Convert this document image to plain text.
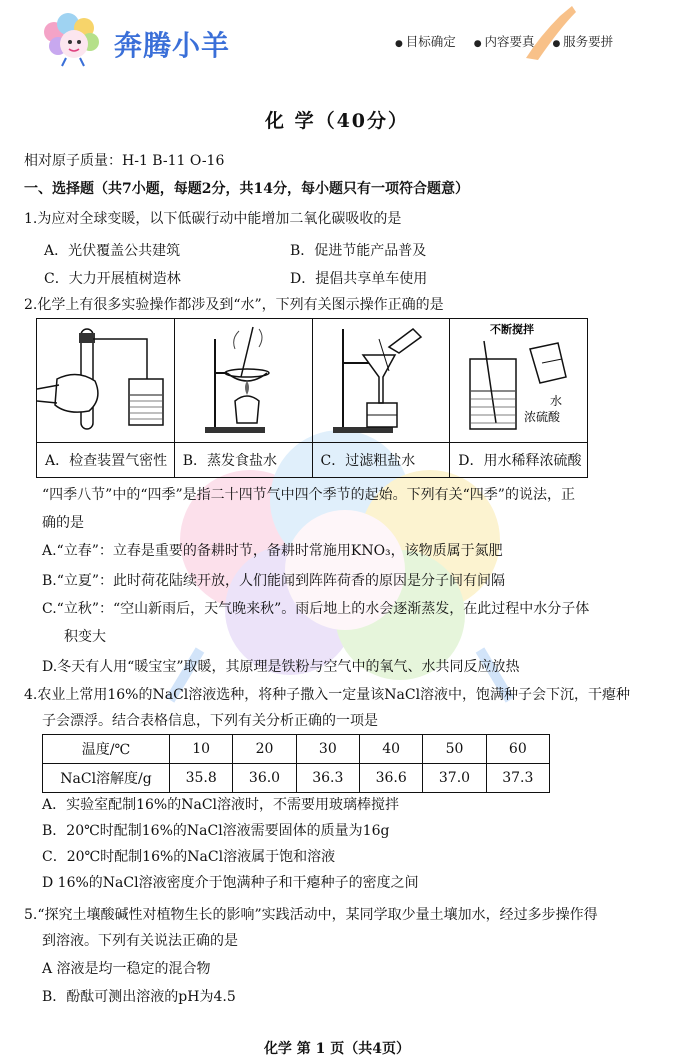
奔腾小羊	● 目标确定 ● 内容要真 ● 服务要拼
化 学（40分）
相对原子质量：H-1 B-11 O-16
一、选择题（共7小题，每题2分，共14分，每小题只有一项符合题意）
1.为应对全球变暖，以下低碳行动中能增加二氧化碳吸收的是
A．光伏覆盖公共建筑	B．促进节能产品普及
C．大力开展植树造林	D．提倡共享单车使用
2.化学上有很多实验操作都涉及到“水”，下列有关图示操作正确的是

不断搅拌
水
浓硫酸

A．检查装置气密性	B．蒸发食盐水	C．过滤粗盐水	D．用水稀释浓硫酸
“四季八节”中的“四季”是指二十四节气中四个季节的起始。下列有关“四季”的说法，正
确的是
A.“立春”：立春是重要的备耕时节，备耕时常施用KNO₃，该物质属于氮肥
B.“立夏”：此时荷花陆续开放，人们能闻到阵阵荷香的原因是分子间有间隔
C.“立秋”：“空山新雨后，天气晚来秋”。雨后地上的水会逐渐蒸发，在此过程中水分子体
积变大
D.冬天有人用“暖宝宝”取暖，其原理是铁粉与空气中的氧气、水共同反应放热
4.农业上常用16%的NaCl溶液选种，将种子撒入一定量该NaCl溶液中，饱满种子会下沉，干瘪种
子会漂浮。结合表格信息，下列有关分析正确的一项是
温度/℃	10	20	30	40	50	60
NaCl溶解度/g	35.8	36.0	36.3	36.6	37.0	37.3
A．实验室配制16%的NaCl溶液时，不需要用玻璃棒搅拌
B．20℃时配制16%的NaCl溶液需要固体的质量为16g
C．20℃时配制16%的NaCl溶液属于饱和溶液
D 16%的NaCl溶液密度介于饱满种子和干瘪种子的密度之间
5.“探究土壤酸碱性对植物生长的影响”实践活动中，某同学取少量土壤加水，经过多步操作得
到溶液。下列有关说法正确的是
A 溶液是均一稳定的混合物
B．酚酞可测出溶液的pH为4.5
化学 第 1 页（共4页）
